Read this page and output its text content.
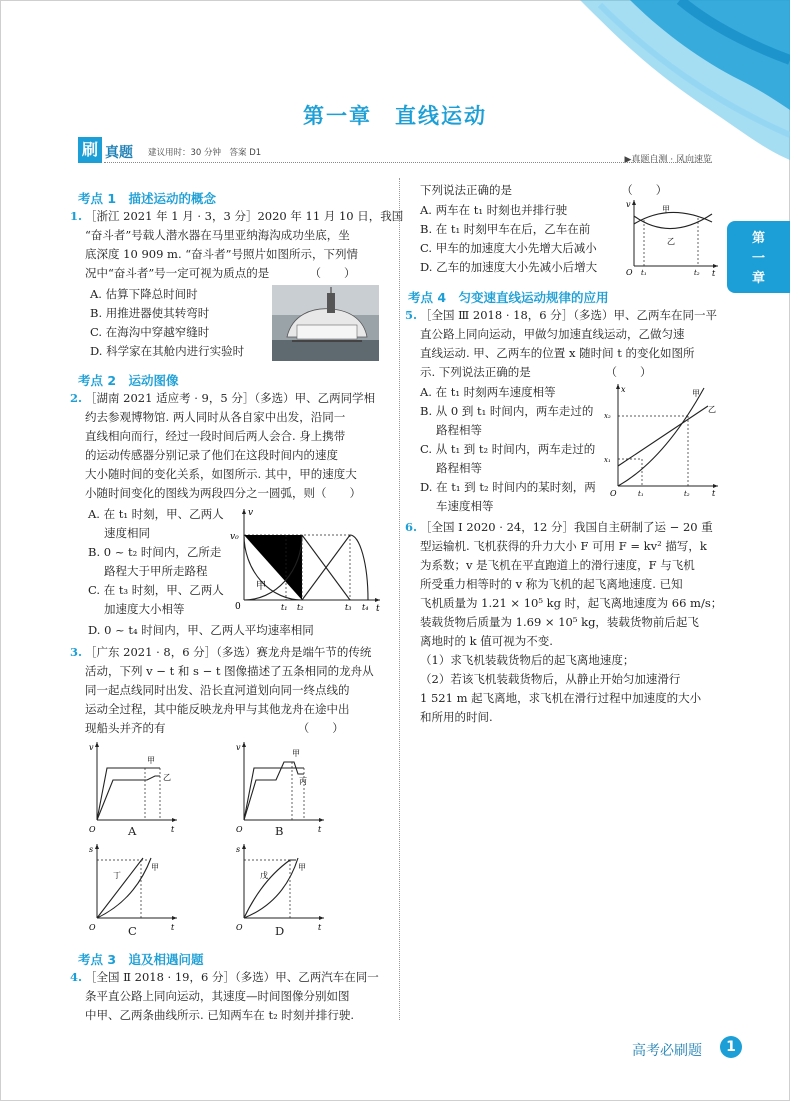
第一章　直线运动
刷 真题 建议用时：30 分钟　答案 D1
▶真题自测 · 风向速览
第
一
章
考点 1　描述运动的概念
1. ［浙江 2021 年 1 月 · 3，3 分］2020 年 11 月 10 日，我国
“奋斗者”号载人潜水器在马里亚纳海沟成功坐底，坐
底深度 10 909 m. “奋斗者”号照片如图所示，下列情
况中“奋斗者”号一定可视为质点的是　　　　（　　）
A. 估算下降总时间时
B. 用推进器使其转弯时
C. 在海沟中穿越窄缝时
D. 科学家在其舱内进行实验时
考点 2　运动图像
2. ［湖南 2021 适应考 · 9，5 分］（多选）甲、乙两同学相
约去参观博物馆. 两人同时从各自家中出发，沿同一
直线相向而行，经过一段时间后两人会合. 身上携带
的运动传感器分别记录了他们在这段时间内的速度
大小随时间的变化关系，如图所示. 其中，甲的速度大
小随时间变化的图线为两段四分之一圆弧，则（　　）
A. 在 t₁ 时刻，甲、乙两人
速度相同
B. 0 ~ t₂ 时间内，乙所走
路程大于甲所走路程
C. 在 t₃ 时刻，甲、乙两人
加速度大小相等
D. 0 ~ t₄ 时间内，甲、乙两人平均速率相同
v
v₀
0	t
乙
甲
t₁ t₂	t₃ t₄
3. ［广东 2021 · 8，6 分］（多选）赛龙舟是端午节的传统
活动，下列 v − t 和 s − t 图像描述了五条相同的龙舟从
同一起点线同时出发、沿长直河道划向同一终点线的
运动全过程，其中能反映龙舟甲与其他龙舟在途中出
现船头并齐的有　　　　　　　　　　　　（　　）
v
O	t
甲
乙
A
v
O	t
甲
丙
B
s
O	t
丁
甲
C
s
O	t
戊
甲
D
考点 3　追及相遇问题
4. ［全国 Ⅱ 2018 · 19，6 分］（多选）甲、乙两汽车在同一
条平直公路上同向运动，其速度—时间图像分别如图
中甲、乙两条曲线所示. 已知两车在 t₂ 时刻并排行驶.
下列说法正确的是　　　　　　　　　　（　　）
A. 两车在 t₁ 时刻也并排行驶
B. 在 t₁ 时刻甲车在后，乙车在前
C. 甲车的加速度大小先增大后减小
D. 乙车的加速度大小先减小后增大
v
O	t
甲
乙
t₁	t₂
考点 4　匀变速直线运动规律的应用
5. ［全国 Ⅲ 2018 · 18，6 分］（多选）甲、乙两车在同一平
直公路上同向运动，甲做匀加速直线运动，乙做匀速
直线运动. 甲、乙两车的位置 x 随时间 t 的变化如图所
示. 下列说法正确的是　　　　　　　（　　）
A. 在 t₁ 时刻两车速度相等
B. 从 0 到 t₁ 时间内，两车走过的
路程相等
C. 从 t₁ 到 t₂ 时间内，两车走过的
路程相等
D. 在 t₁ 到 t₂ 时间内的某时刻，两
车速度相等
x
O	t
x₂
x₁
甲
乙
t₁	t₂
6. ［全国 Ⅰ 2020 · 24，12 分］我国自主研制了运 − 20 重
型运输机. 飞机获得的升力大小 F 可用 F = kv² 描写，k
为系数；v 是飞机在平直跑道上的滑行速度，F 与飞机
所受重力相等时的 v 称为飞机的起飞离地速度. 已知
飞机质量为 1.21 × 10⁵ kg 时，起飞离地速度为 66 m/s；
装载货物后质量为 1.69 × 10⁵ kg，装载货物前后起飞
离地时的 k 值可视为不变.
（1）求飞机装载货物后的起飞离地速度；
（2）若该飞机装载货物后，从静止开始匀加速滑行
1 521 m 起飞离地，求飞机在滑行过程中加速度的大小
和所用的时间.
高考必刷题	1
